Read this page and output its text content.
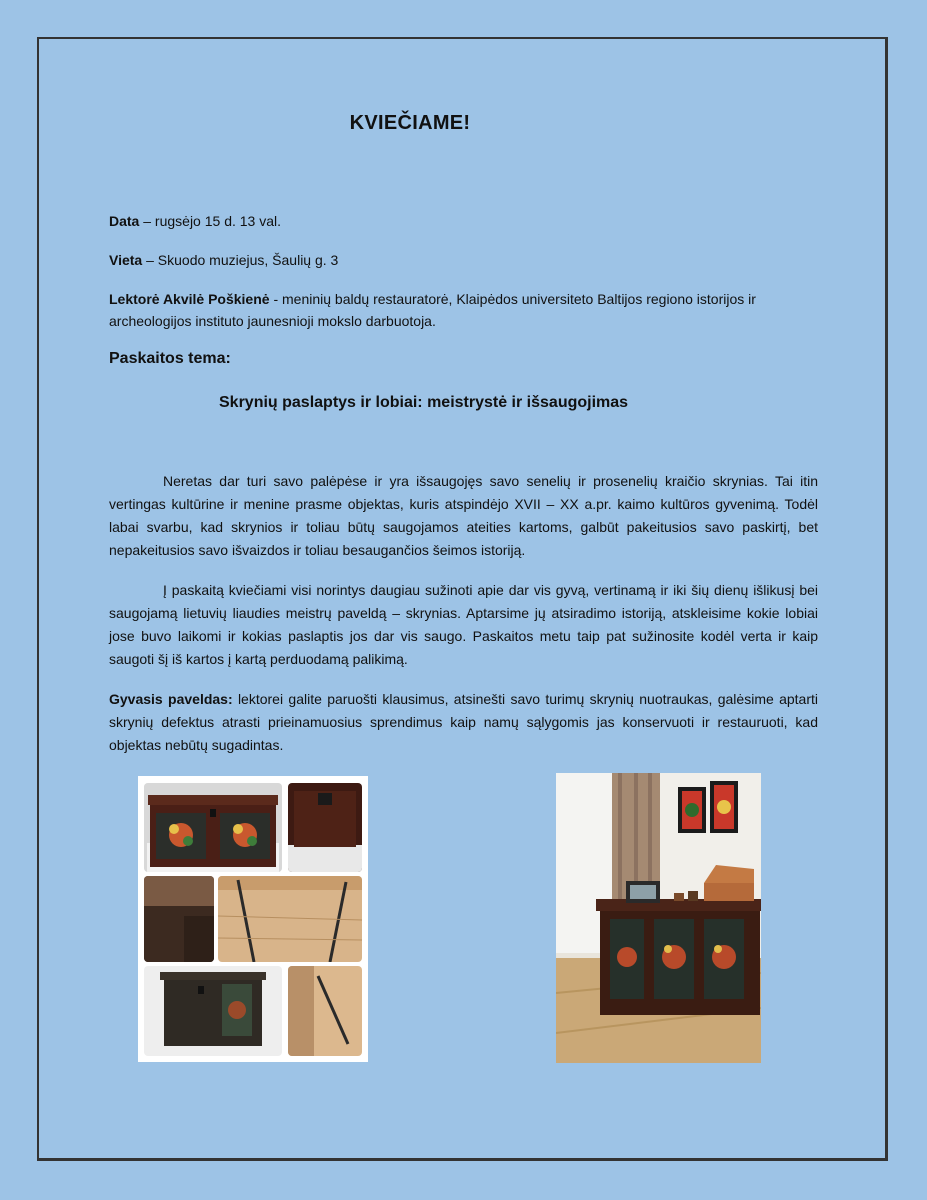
KVIEČIAME!
Data – rugsėjo 15 d. 13 val.
Vieta – Skuodo muziejus, Šaulių g. 3
Lektorė Akvilė Poškienė - meninių baldų restauratorė, Klaipėdos universiteto Baltijos regiono istorijos ir archeologijos instituto jaunesnioji mokslo darbuotoja.
Paskaitos tema:
Skrynių paslaptys ir lobiai: meistrystė ir išsaugojimas

Neretas dar turi savo palėpėse ir yra išsaugojęs savo senelių ir prosenelių kraičio skrynias. Tai itin vertingas kultūrine ir menine prasme objektas, kuris atspindėjo XVII – XX a.pr. kaimo kultūros gyvenimą. Todėl labai svarbu, kad skrynios ir toliau būtų saugojamos ateities kartoms, galbūt pakeitusios savo paskirtį, bet nepakeitusios savo išvaizdos ir toliau besaugančios šeimos istoriją.

Į paskaitą kviečiami visi norintys daugiau sužinoti apie dar vis gyvą, vertinamą ir iki šių dienų išlikusį bei saugojamą lietuvių liaudies meistrų paveldą – skrynias. Aptarsime jų atsiradimo istoriją, atskleisime kokie lobiai jose buvo laikomi ir kokias paslaptis jos dar vis saugo. Paskaitos metu taip pat sužinosite kodėl verta ir kaip saugoti šį iš kartos į kartą perduodamą palikimą.

Gyvasis paveldas: lektorei galite paruošti klausimus, atsinešti savo turimų skrynių nuotraukas, galėsime aptarti skrynių defektus atrasti prieinamuosius sprendimus kaip namų sąlygomis jas konservuoti ir restauruoti, kad objektas nebūtų sugadintas.
